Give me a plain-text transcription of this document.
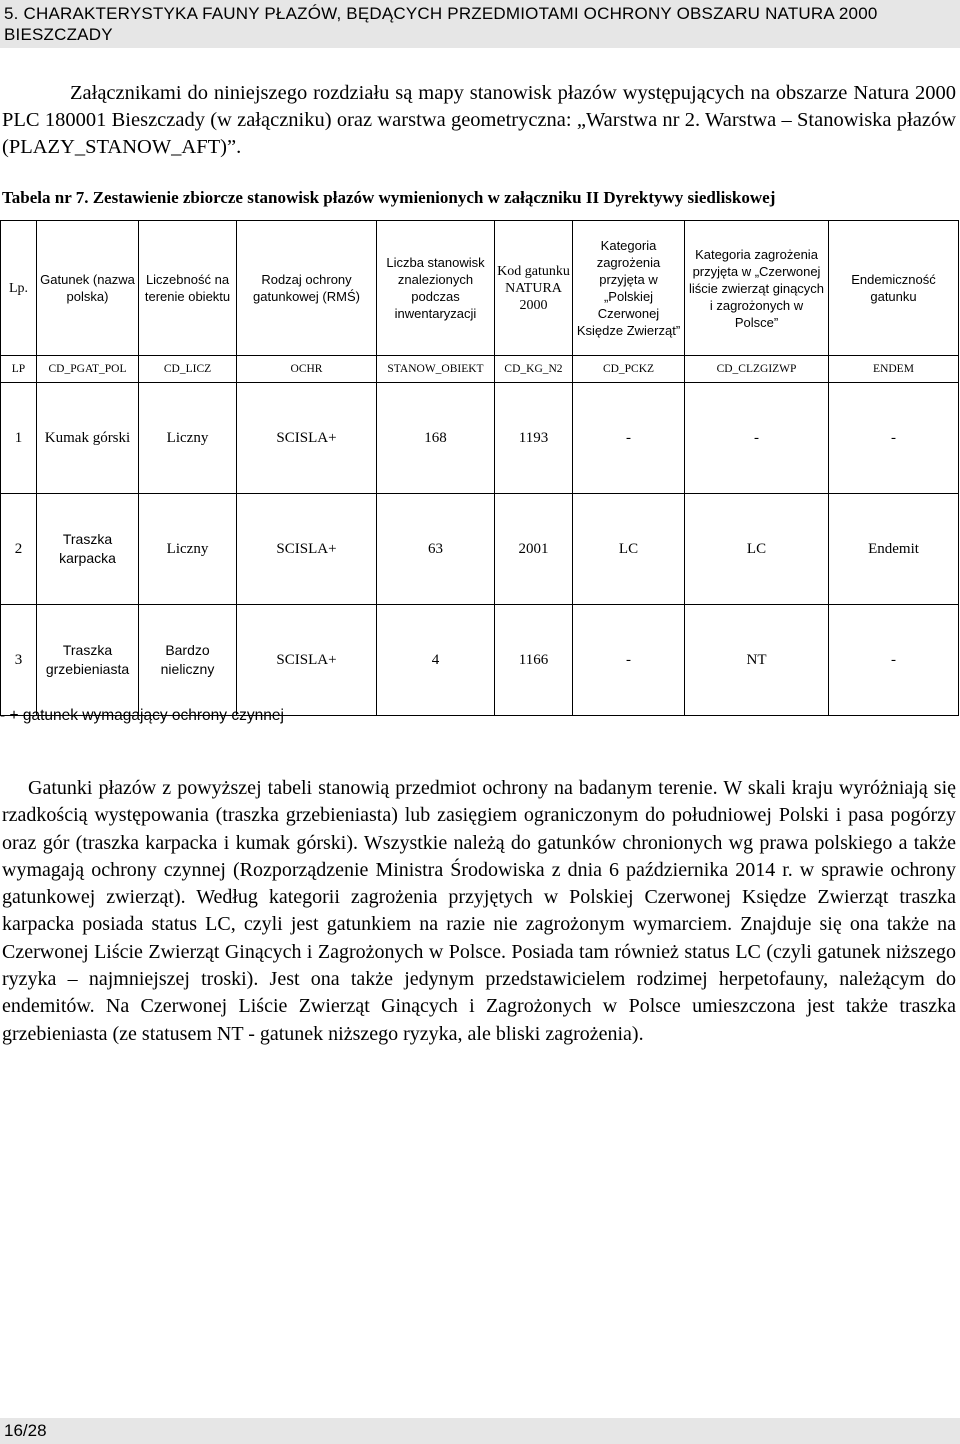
5. CHARAKTERYSTYKA FAUNY PŁAZÓW, BĘDĄCYCH PRZEDMIOTAMI OCHRONY OBSZARU NATURA 2000 BIESZCZADY

Załącznikami do niniejszego rozdziału są mapy stanowisk płazów występujących na obszarze Natura 2000 PLC 180001 Bieszczady (w załączniku) oraz warstwa geometryczna: „Warstwa nr 2. Warstwa – Stanowiska płazów (PLAZY_STANOW_AFT)”.

Tabela nr 7. Zestawienie zbiorcze stanowisk płazów wymienionych w załączniku II Dyrektywy siedliskowej
Lp.	Gatunek (nazwa polska)	Liczebność na terenie obiektu	Rodzaj ochrony gatunkowej (RMŚ)	Liczba stanowisk znalezionych podczas inwentaryzacji	Kod gatunku NATURA 2000	Kategoria zagrożenia przyjęta w „Polskiej Czerwonej Księdze Zwierząt”	Kategoria zagrożenia przyjęta w „Czerwonej liście zwierząt ginących i zagrożonych w Polsce”	Endemiczność gatunku
LP	CD_PGAT_POL	CD_LICZ	OCHR	STANOW_OBIEKT	CD_KG_N2	CD_PCKZ	CD_CLZGIZWP	ENDEM
1	Kumak górski	Liczny	SCISLA+	168	1193	-	-	-
2	Traszka karpacka	Liczny	SCISLA+	63	2001	LC	LC	Endemit
3	Traszka grzebieniasta	Bardzo nieliczny	SCISLA+	4	1166	-	NT	-
- + gatunek wymagający ochrony czynnej

Gatunki płazów z powyższej tabeli stanowią przedmiot ochrony na badanym terenie. W skali kraju wyróżniają się rzadkością występowania (traszka grzebieniasta) lub zasięgiem ograniczonym do południowej Polski i pasa pogórzy oraz gór (traszka karpacka i kumak górski). Wszystkie należą do gatunków chronionych wg prawa polskiego a także wymagają ochrony czynnej (Rozporządzenie Ministra Środowiska z dnia 6 października 2014 r. w sprawie ochrony gatunkowej zwierząt). Według kategorii zagrożenia przyjętych w Polskiej Czerwonej Księdze Zwierząt traszka karpacka posiada status LC, czyli jest gatunkiem na razie nie zagrożonym wymarciem. Znajduje się ona także na Czerwonej Liście Zwierząt Ginących i Zagrożonych w Polsce. Posiada tam również status LC (czyli gatunek niższego ryzyka – najmniejszej troski). Jest ona także jedynym przedstawicielem rodzimej herpetofauny, należącym do endemitów. Na Czerwonej Liście Zwierząt Ginących i Zagrożonych w Polsce umieszczona jest także traszka grzebieniasta (ze statusem NT - gatunek niższego ryzyka, ale bliski zagrożenia).

16/28
